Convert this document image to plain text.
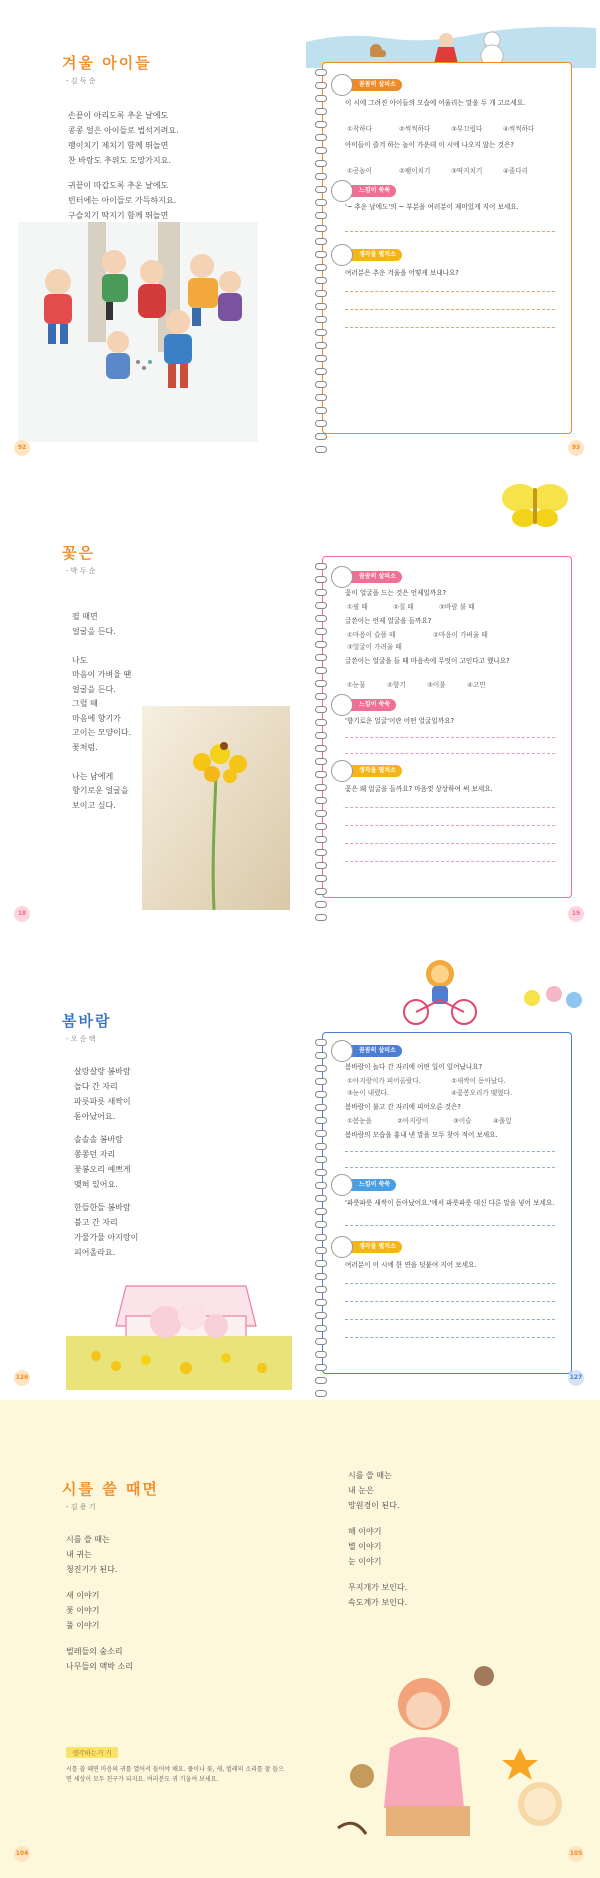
겨울 아이들
- 김 득 순
손끝이 아리도록 추운 날에도
콩콩 얼은 아이들로 법석거려요.
팽이치기 제치기 함께 뛰놀면
찬 바람도 추위도 도망가지요.
귀끝이 따갑도록 추운 날에도
빈터에는 아이들로 가득하지요.
구슬치기 딱지기 함께 뛰놀면

92
꼼꼼히 살피소
이 시에 그려진 아이들의 모습에 어울리는 말을 두 개 고르세요.
①착하다	②씩씩하다	③부끄럽다	④씩씩하다
아이들이 즐겨 하는 놀이 가운데 이 시에 나오지 않는 것은?
①공놀이	②팽이치기	③딱지치기	④줄다리
느낌이 쑥쑥
'~ 추운 날에도'의 ~ 부분을 여러분이 재미있게 지어 보세요.
생각을 펼치소
여러분은 추운 겨울을 어떻게 보내나요?
93
꽃은
- 박 두 순
필 때면
얼굴을 든다.

나도
마음이 가벼울 땐
얼굴을 든다.
그럴 때
마음에 향기가
고이는 모양이다.
꽃처럼.

나는 남에게
향기로운 얼굴을
보이고 싶다.
18
꼼꼼히 살피소
꽃이 얼굴을 드는 것은 언제일까요?
①필 때	②질 때	③바람 불 때
글쓴이는 언제 얼굴을 들까요?
①마음이 슬플 때	②마음이 가벼울 때
③얼굴이 가려울 때
글쓴이는 얼굴을 들 때 마음속에 무엇이 고인다고 했나요?
①눈물	②향기	③이불	④고민
느낌이 쑥쑥
'향기로운 얼굴'이란 어떤 얼굴일까요?
생각을 펼치소
꽃은 왜 얼굴을 들까요? 마음껏 상상하여 써 보세요.
19
봄바람
- 오 순 택
살랑살랑 봄바람
놀다 간 자리
파릇파릇 새싹이
돋아났어요.
솔솔솔 봄바람
쫑쫑던 자리
꽃봉오리 예쁘게
맺혀 있어요.
한들한들 봄바람
불고 간 자리
가물가물 아지랑이
피어올라요.
126
꼼꼼히 살피소
봄바람이 놀다 간 자리에 어떤 일이 일어났나요?
①아지랑이가 피어올랐다.	②새싹이 돋아났다.
③눈이 내렸다.	④꽃봉오리가 맺혔다.
봄바람이 불고 간 자리에 피어오른 것은?
①봄눈을	②아지랑이	③이슬	④풀잎
봄바람의 모습을 흉내 낸 말을 모두 찾아 적어 보세요.
느낌이 쑥쑥
'파릇파릇 새싹이 돋아났어요.'에서 파릇파릇 대신 다른 말을 넣어 보세요.
생각을 펼치소
여러분이 이 시에 한 연을 덧붙여 지어 보세요.
127
시를 쓸 때면
- 김 용 기
시를 쓸 때는
내 귀는
청진기가 된다.
새 이야기
꽃 이야기
풀 이야기
벌레들의 숨소리
나무들의 맥박 소리
생각하는거 기
시를 쓸 때면 마음의 귀를 열어서 들어야 해요. 풀이나 꽃, 새, 벌레의 소리를 잘 들으면 세상이 모두 친구가 되지요. 여러분도 귀 기울여 보세요.
104
시를 쓸 때는
내 눈은
망원경이 된다.
해 이야기
별 이야기
눈 이야기
무지개가 보인다.
속도계가 보인다.
105
